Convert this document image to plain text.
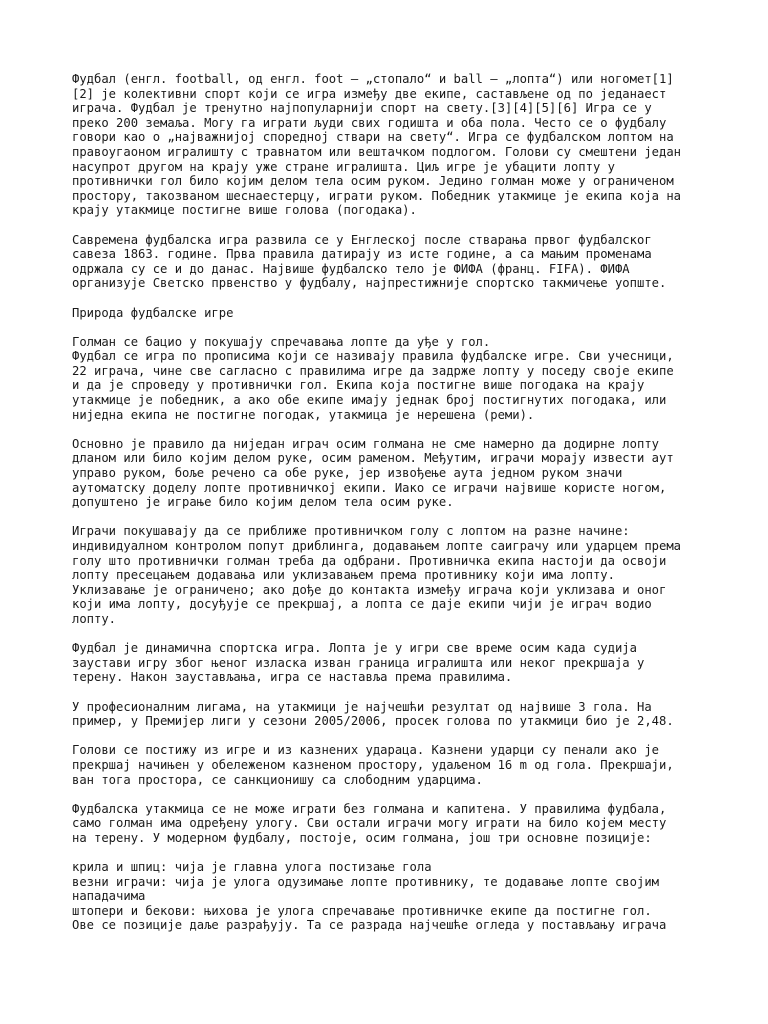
Фудбал (енгл. football, од енгл. foot — „стопало“ и ball — „лопта“) или ногомет[1]
[2] је колективни спорт који се игра између две екипе, састављене од по једанаест
играча. Фудбал је тренутно најпопуларнији спорт на свету.[3][4][5][6] Игра се у
преко 200 земаља. Могу га играти људи свих годишта и оба пола. Често се о фудбалу
говори као о „најважнијој споредној ствари на свету“. Игра се фудбалском лоптом на
правоугаоном игралишту с травнатом или вештачком подлогом. Голови су смештени један
насупрот другом на крају уже стране игралишта. Циљ игре је убацити лопту у
противнички гол било којим делом тела осим руком. Једино голман може у ограниченом
простору, такозваном шеснаестерцу, играти руком. Победник утакмице је екипа која на
крају утакмице постигне више голова (погодака).
Савремена фудбалска игра развила се у Енглеској после стварања првог фудбалског
савеза 1863. године. Прва правила датирају из исте године, а са мањим променама
одржала су се и до данас. Највише фудбалско тело је ФИФА (франц. FIFA). ФИФА
организује Светско првенство у фудбалу, најпрестижније спортско такмичење уопште.
Природа фудбалске игре
Голман се бацио у покушају спречавања лопте да уђе у гол.
Фудбал се игра по прописима који се називају правила фудбалске игре. Сви учесници,
22 играча, чине све сагласно с правилима игре да задрже лопту у поседу своје екипе
и да је спроведу у противнички гол. Екипа која постигне више погодака на крају
утакмице је победник, а ако обе екипе имају једнак број постигнутих погодака, или
ниједна екипа не постигне погодак, утакмица је нерешена (реми).
Основно је правило да ниједан играч осим голмана не сме намерно да додирне лопту
дланом или било којим делом руке, осим раменом. Међутим, играчи морају извести аут
управо руком, боље речено са обе руке, јер извођење аута једном руком значи
аутоматску доделу лопте противничкој екипи. Иако се играчи највише користе ногом,
допуштено је играње било којим делом тела осим руке.
Играчи покушавају да се приближе противничком голу с лоптом на разне начине:
индивидуалном контролом попут дриблинга, додавањем лопте саиграчу или ударцем према
голу што противнички голман треба да одбрани. Противничка екипа настоји да освоји
лопту пресецањем додавања или уклизавањем према противнику који има лопту.
Уклизавање је ограничено; ако дође до контакта између играча који уклизава и оног
који има лопту, досуђује се прекршај, а лопта се даје екипи чији је играч водио
лопту.
Фудбал је динамична спортска игра. Лопта је у игри све време осим када судија
заустави игру због њеног изласка изван граница игралишта или неког прекршаја у
терену. Након заустављања, игра се наставља према правилима.
У професионалним лигама, на утакмици је најчешћи резултат од највише 3 гола. На
пример, у Премијер лиги у сезони 2005/2006, просек голова по утакмици био је 2,48.
Голови се постижу из игре и из казнених удараца. Казнени ударци су пенали ако је
прекршај начињен у обележеном казненом простору, удаљеном 16 m од гола. Прекршаји,
ван тога простора, се санкционишу са слободним ударцима.
Фудбалска утакмица се не може играти без голмана и капитена. У правилима фудбала,
само голман има одређену улогу. Сви остали играчи могу играти на било којем месту
на терену. У модерном фудбалу, постоје, осим голмана, још три основне позиције:
крила и шпиц: чија је главна улога постизање гола
везни играчи: чија је улога одузимање лопте противнику, те додавање лопте својим
нападачима
штопери и бекови: њихова је улога спречавање противничке екипе да постигне гол.
Ове се позиције даље разрађују. Та се разрада најчешће огледа у постављању играча
